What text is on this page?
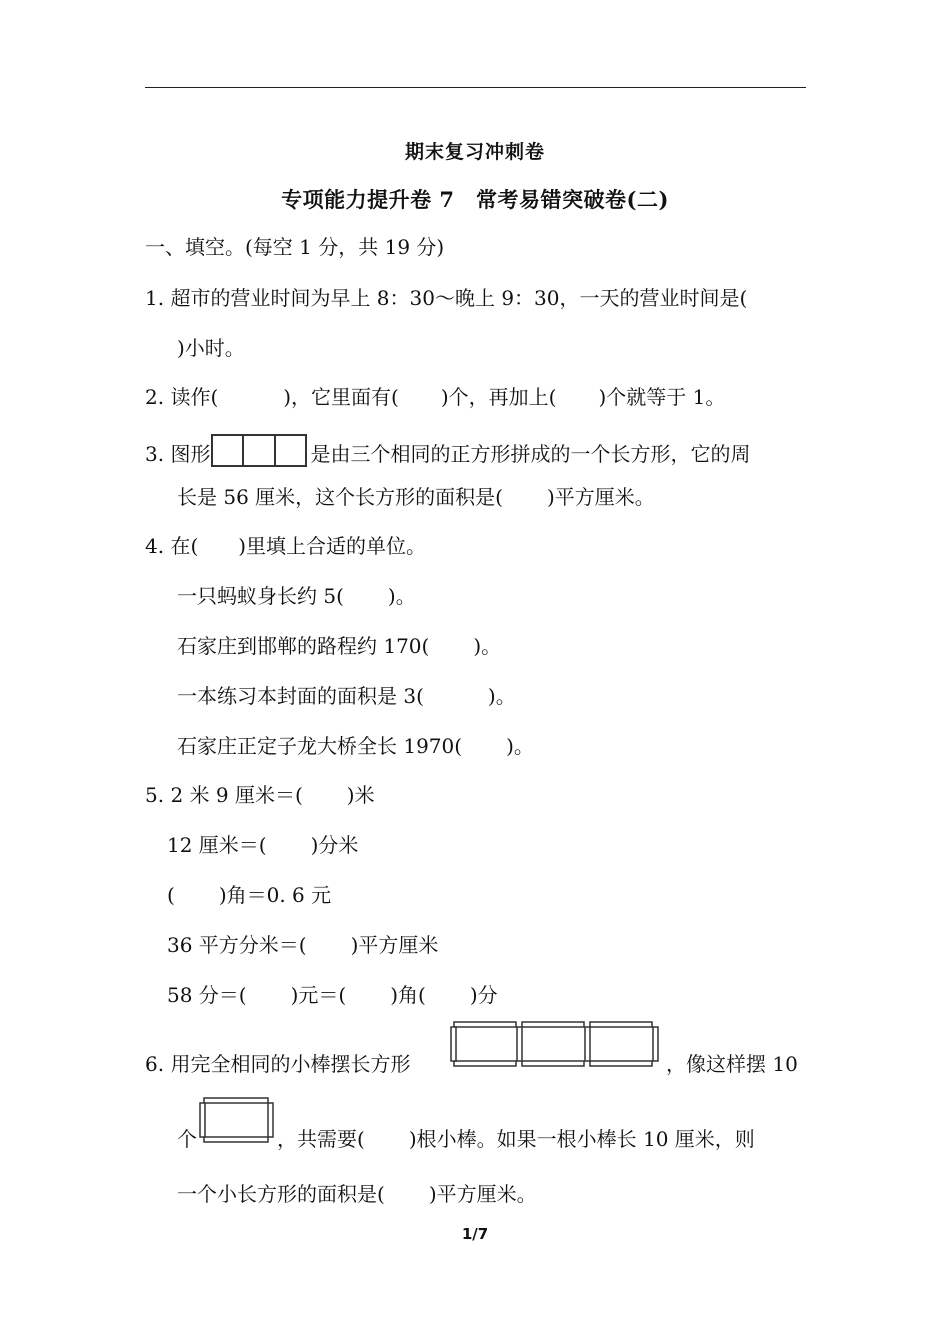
期末复习冲刺卷
专项能力提升卷 7　常考易错突破卷(二)
一、填空。(每空 1 分，共 19 分)
1. 超市的营业时间为早上 8：30～晚上 9：30，一天的营业时间是(
)小时。
2. 读作(	)，它里面有( )个，再加上( )个就等于 1。
3. 图形	是由三个相同的正方形拼成的一个长方形，它的周
长是 56 厘米，这个长方形的面积是( )平方厘米。
4. 在(　　)里填上合适的单位。
一只蚂蚁身长约 5( )。
石家庄到邯郸的路程约 170( )。
一本练习本封面的面积是 3(	)。
石家庄正定子龙大桥全长 1970( )。
5. 2 米 9 厘米＝( )米
12 厘米＝( )分米
( )角＝0. 6 元
36 平方分米＝( )平方厘米
58 分＝( )元＝( )角( )分
6. 用完全相同的小棒摆长方形	，像这样摆 10
个	，共需要( )根小棒。如果一根小棒长 10 厘米，则
一个小长方形的面积是( )平方厘米。
1/7
